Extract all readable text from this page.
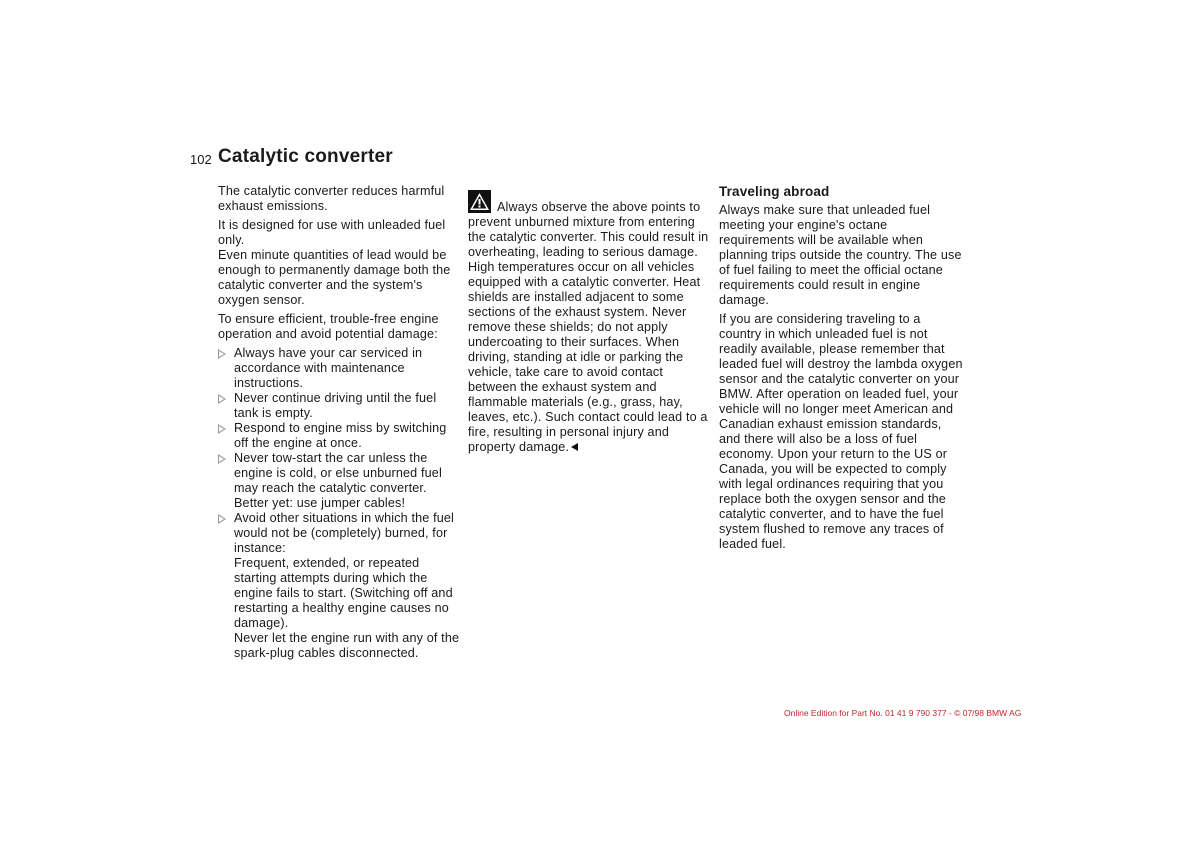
102 Catalytic converter

The catalytic converter reduces harmful exhaust emissions.

It is designed for use with unleaded fuel only.

Even minute quantities of lead would be enough to permanently damage both the catalytic converter and the system's oxygen sensor.

To ensure efficient, trouble-free engine operation and avoid potential damage:

Always have your car serviced in accordance with maintenance instructions.
Never continue driving until the fuel tank is empty.
Respond to engine miss by switching off the engine at once.
Never tow-start the car unless the engine is cold, or else unburned fuel may reach the catalytic converter. Better yet: use jumper cables!
Avoid other situations in which the fuel would not be (completely) burned, for instance:
Frequent, extended, or repeated starting attempts during which the engine fails to start. (Switching off and restarting a healthy engine causes no damage).
Never let the engine run with any of the spark-plug cables disconnected.

Always observe the above points to prevent unburned mixture from entering the catalytic converter. This could result in overheating, leading to serious damage.

High temperatures occur on all vehicles equipped with a catalytic converter. Heat shields are installed adjacent to some sections of the exhaust system. Never remove these shields; do not apply undercoating to their surfaces. When driving, standing at idle or parking the vehicle, take care to avoid contact between the exhaust system and flammable materials (e.g., grass, hay, leaves, etc.). Such contact could lead to a fire, resulting in personal injury and property damage.

Traveling abroad

Always make sure that unleaded fuel meeting your engine's octane requirements will be available when planning trips outside the country. The use of fuel failing to meet the official octane requirements could result in engine damage.

If you are considering traveling to a country in which unleaded fuel is not readily available, please remember that leaded fuel will destroy the lambda oxygen sensor and the catalytic converter on your BMW. After operation on leaded fuel, your vehicle will no longer meet American and Canadian exhaust emission standards, and there will also be a loss of fuel economy. Upon your return to the US or Canada, you will be expected to comply with legal ordinances requiring that you replace both the oxygen sensor and the catalytic converter, and to have the fuel system flushed to remove any traces of leaded fuel.

Online Edition for Part No. 01 41 9 790 377 - © 07/98 BMW AG
